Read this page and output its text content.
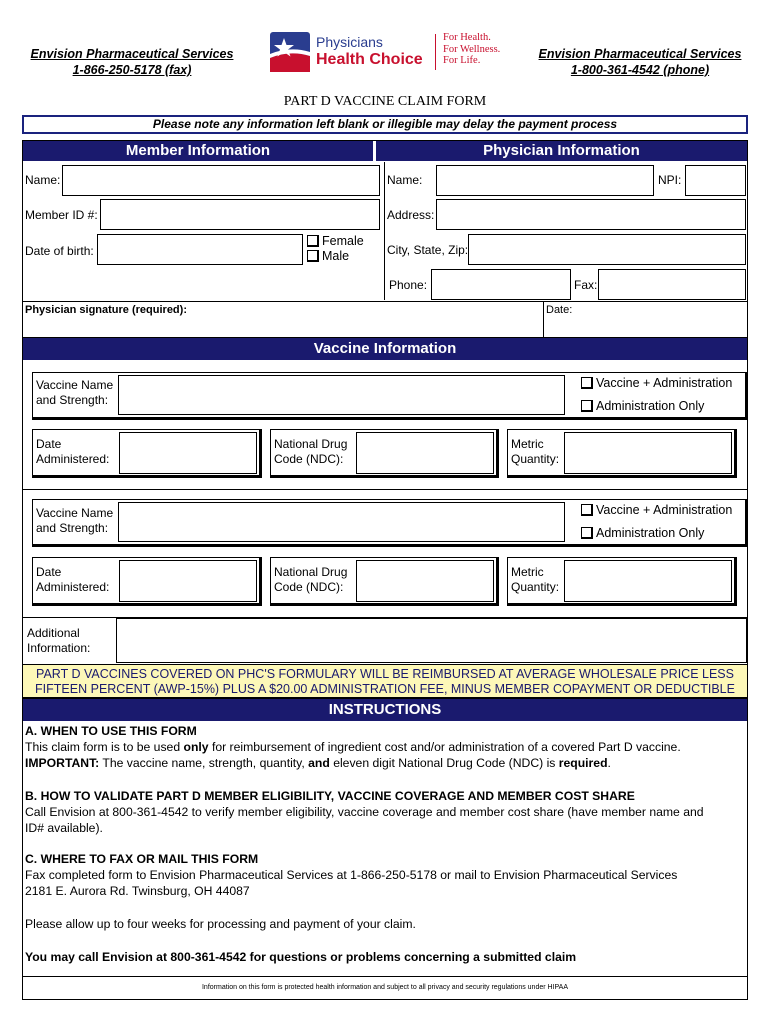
Envision Pharmaceutical Services
1-866-250-5178 (fax)
Physicians
Health Choice
For Health.
For Wellness.
For Life.	Envision Pharmaceutical Services
1-800-361-4542 (phone)
PART D VACCINE CLAIM FORM
Please note any information left blank or illegible may delay the payment process
Member Information	Physician Information
Name:
Member ID #:
Date of birth:
Female
Male
Name:	NPI:
Address:
City, State, Zip:
Phone:	Fax:
Physician signature (required):	Date:
Vaccine Information
Vaccine Name
and Strength:
Vaccine + Administration
Administration Only
Date
Administered:
National Drug
Code (NDC):
Metric
Quantity:
Vaccine Name
and Strength:
Vaccine + Administration
Administration Only
Date
Administered:
National Drug
Code (NDC):
Metric
Quantity:
Additional
Information:
PART D VACCINES COVERED ON PHC'S FORMULARY WILL BE REIMBURSED AT AVERAGE WHOLESALE PRICE LESS
FIFTEEN PERCENT (AWP-15%) PLUS A $20.00 ADMINISTRATION FEE, MINUS MEMBER COPAYMENT OR DEDUCTIBLE
INSTRUCTIONS

A. WHEN TO USE THIS FORM

This claim form is to be used only for reimbursement of ingredient cost and/or administration of a covered Part D vaccine.

IMPORTANT: The vaccine name, strength, quantity, and eleven digit National Drug Code (NDC) is required.

B. HOW TO VALIDATE PART D MEMBER ELIGIBILITY, VACCINE COVERAGE AND MEMBER COST SHARE

Call Envision at 800-361-4542 to verify member eligibility, vaccine coverage and member cost share (have member name and

ID# available).

C. WHERE TO FAX OR MAIL THIS FORM

Fax completed form to Envision Pharmaceutical Services at 1-866-250-5178 or mail to Envision Pharmaceutical Services

2181 E. Aurora Rd. Twinsburg, OH 44087

Please allow up to four weeks for processing and payment of your claim.

You may call Envision at 800-361-4542 for questions or problems concerning a submitted claim

Information on this form is protected health information and subject to all privacy and security regulations under HIPAA
